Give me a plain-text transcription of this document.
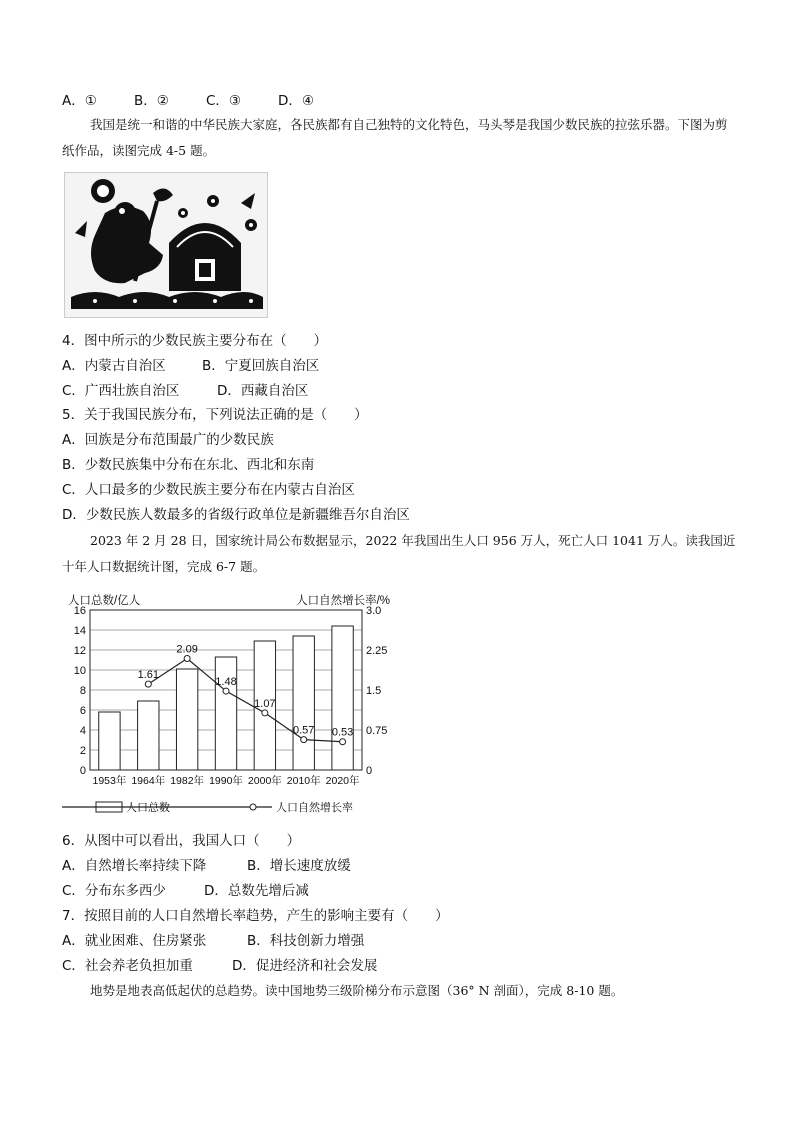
A．①	B．②	C．③	D．④
我国是统一和谐的中华民族大家庭，各民族都有自己独特的文化特色，马头琴是我国少数民族的拉弦乐器。下图为剪纸作品，读图完成 4-5 题。
4．图中所示的少数民族主要分布在（　　）
A．内蒙古自治区	B．宁夏回族自治区
C．广西壮族自治区	D．西藏自治区
5．关于我国民族分布，下列说法正确的是（　　）
A．回族是分布范围最广的少数民族
B．少数民族集中分布在东北、西北和东南
C．人口最多的少数民族主要分布在内蒙古自治区
D．少数民族人数最多的省级行政单位是新疆维吾尔自治区
2023 年 2 月 28 日，国家统计局公布数据显示，2022 年我国出生人口 956 万人，死亡人口 1041 万人。读我国近十年人口数据统计图，完成 6-7 题。
人口总数/亿人	人口自然增长率/%
1.61
2.09
1.48
1.07
0.57 0.53
0
2
4
6
8
10
12
14
16
0
0.75
1.5
2.25
3.0
1953年 1964年 1982年 1990年 2000年 2010年 2020年
人口总数	人口自然增长率
6．从图中可以看出，我国人口（　　）
A．自然增长率持续下降	B．增长速度放缓
C．分布东多西少	D．总数先增后减
7．按照目前的人口自然增长率趋势，产生的影响主要有（　　）
A．就业困难、住房紧张	B．科技创新力增强
C．社会养老负担加重	D．促进经济和社会发展
地势是地表高低起伏的总趋势。读中国地势三级阶梯分布示意图（36° N 剖面），完成 8-10 题。
